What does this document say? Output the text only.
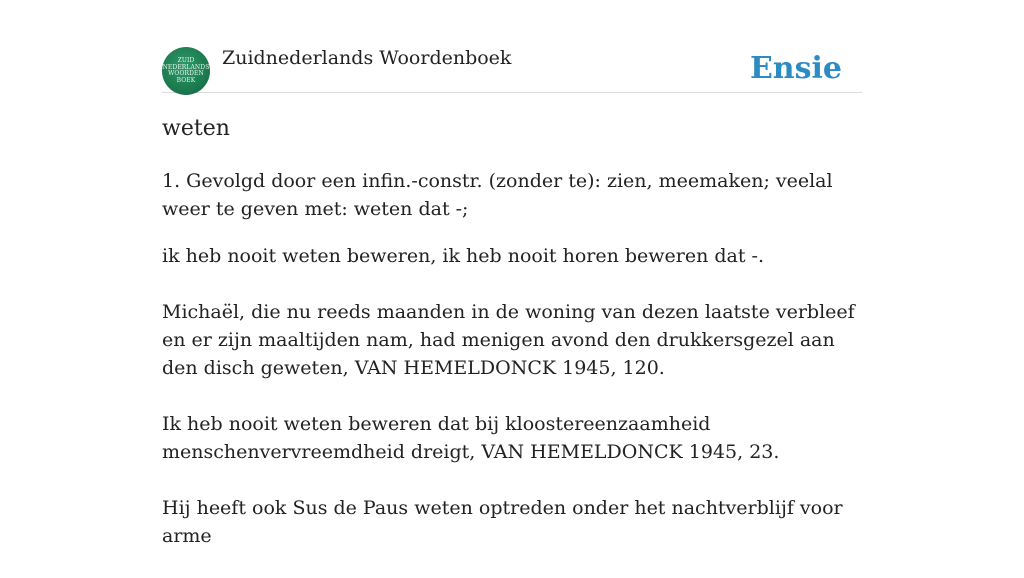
ZUID
NEDERLANDS
WOORDEN
BOEK
Zuidnederlands Woordenboek	Ensie
weten

1. Gevolgd door een infin.-constr. (zonder te): zien, meemaken; veelal weer te geven met: weten dat -;

ik heb nooit weten beweren, ik heb nooit horen beweren dat -.

Michaël, die nu reeds maanden in de woning van dezen laatste verbleef en er zijn maaltijden nam, had menigen avond den drukkersgezel aan den disch geweten, VAN HEMELDONCK 1945, 120.

Ik heb nooit weten beweren dat bij kloostereenzaamheid menschenvervreemdheid dreigt, VAN HEMELDONCK 1945, 23.

Hij heeft ook Sus de Paus weten optreden onder het nachtverblijf voor arme
